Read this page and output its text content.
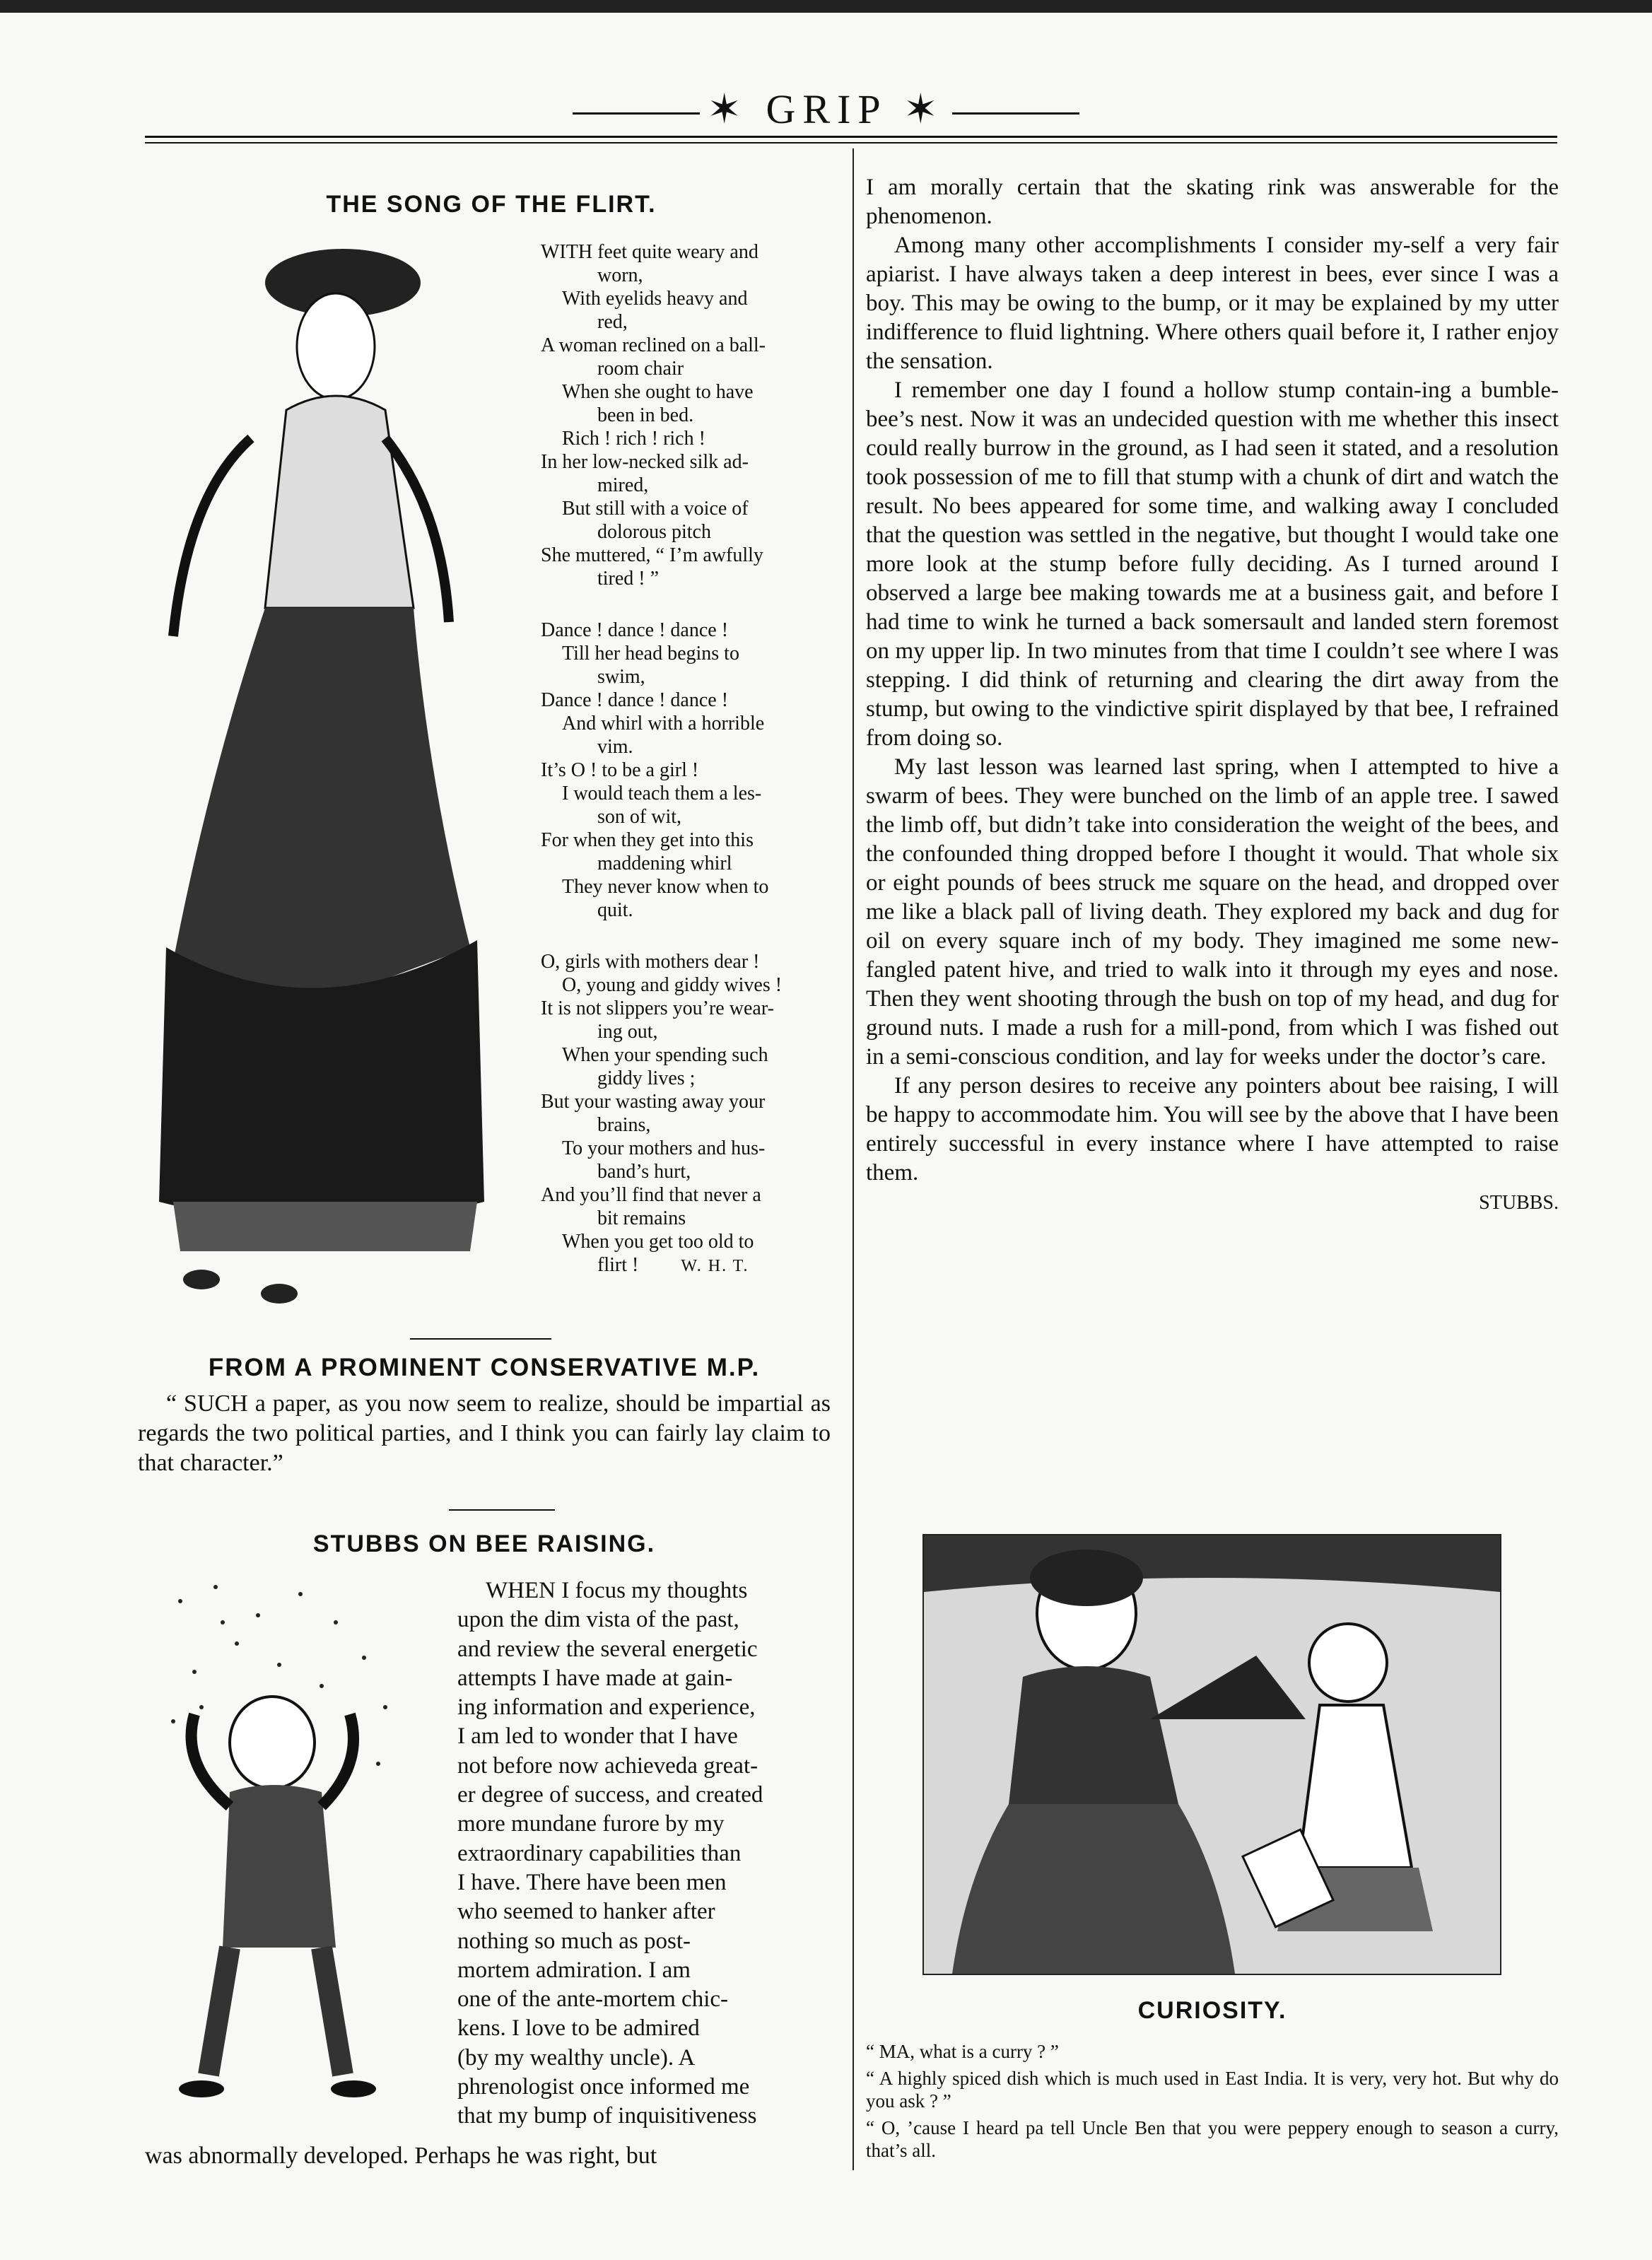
✶ GRIP ✶
THE SONG OF THE FLIRT.
WITH feet quite weary and
worn,
With eyelids heavy and
red,
A woman reclined on a ball-
room chair
When she ought to have
been in bed.
Rich ! rich ! rich !
In her low-necked silk ad-
mired,
But still with a voice of
dolorous pitch
She muttered, “ I’m awfully
tired ! ”
Dance ! dance ! dance !
Till her head begins to
swim,
Dance ! dance ! dance !
And whirl with a horrible
vim.
It’s O ! to be a girl !
I would teach them a les-
son of wit,
For when they get into this
maddening whirl
They never know when to
quit.
O, girls with mothers dear !
O, young and giddy wives !
It is not slippers you’re wear-
ing out,
When your spending such
giddy lives ;
But your wasting away your
brains,
To your mothers and hus-
band’s hurt,
And you’ll find that never a
bit remains
When you get too old to
flirt !	W. H. T.
FROM A PROMINENT CONSERVATIVE M.P.

“ SUCH a paper, as you now seem to realize, should be impartial as regards the two political parties, and I think you can fairly lay claim to that character.”

STUBBS ON BEE RAISING.
WHEN I focus my thoughts
upon the dim vista of the past,
and review the several energetic
attempts I have made at gain-
ing information and experience,
I am led to wonder that I have
not before now achieveda great-
er degree of success, and created
more mundane furore by my
extraordinary capabilities than
I have. There have been men
who seemed to hanker after
nothing so much as post-
mortem admiration. I am
one of the ante-mortem chic-
kens. I love to be admired
(by my wealthy uncle). A
phrenologist once informed me
that my bump of inquisitiveness
was abnormally developed. Perhaps he was right, but

I am morally certain that the skating rink was answerable for the phenomenon.

Among many other accomplishments I consider my-self a very fair apiarist. I have always taken a deep interest in bees, ever since I was a boy. This may be owing to the bump, or it may be explained by my utter indifference to fluid lightning. Where others quail before it, I rather enjoy the sensation.

I remember one day I found a hollow stump contain-ing a bumble-bee’s nest. Now it was an undecided question with me whether this insect could really burrow in the ground, as I had seen it stated, and a resolution took possession of me to fill that stump with a chunk of dirt and watch the result. No bees appeared for some time, and walking away I concluded that the question was settled in the negative, but thought I would take one more look at the stump before fully deciding. As I turned around I observed a large bee making towards me at a business gait, and before I had time to wink he turned a back somersault and landed stern foremost on my upper lip. In two minutes from that time I couldn’t see where I was stepping. I did think of returning and clearing the dirt away from the stump, but owing to the vindictive spirit displayed by that bee, I refrained from doing so.

My last lesson was learned last spring, when I attempted to hive a swarm of bees. They were bunched on the limb of an apple tree. I sawed the limb off, but didn’t take into consideration the weight of the bees, and the confounded thing dropped before I thought it would. That whole six or eight pounds of bees struck me square on the head, and dropped over me like a black pall of living death. They explored my back and dug for oil on every square inch of my body. They imagined me some new-fangled patent hive, and tried to walk into it through my eyes and nose. Then they went shooting through the bush on top of my head, and dug for ground nuts. I made a rush for a mill-pond, from which I was fished out in a semi-conscious condition, and lay for weeks under the doctor’s care.

If any person desires to receive any pointers about bee raising, I will be happy to accommodate him. You will see by the above that I have been entirely successful in every instance where I have attempted to raise them.

STUBBS.
CURIOSITY.

“ MA, what is a curry ? ”

“ A highly spiced dish which is much used in East India. It is very, very hot. But why do you ask ? ”

“ O, ’cause I heard pa tell Uncle Ben that you were peppery enough to season a curry, that’s all.
